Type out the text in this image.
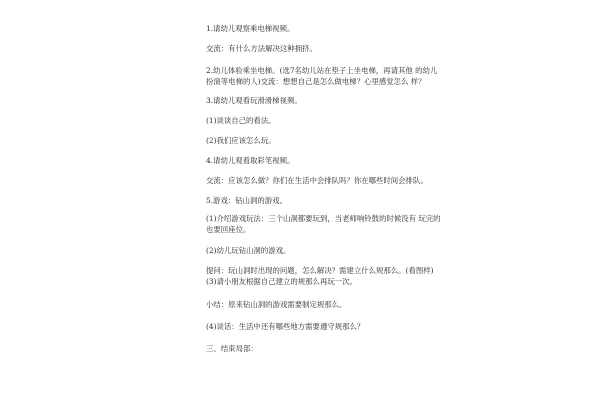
1.请幼儿观察乘电梯视频。
交流：有什么方法解决这种拥挤。
2.幼儿体验乘坐电梯。(选7名幼儿站在垫子上坐电梯，再请其他 的幼儿扮演等电梯的人)交流：想想自己是怎么做电梯？心里感觉怎么 样？
3.请幼儿观看玩滑滑梯视频。
(1)谈谈自己的看法。
(2)我们应该怎么玩。
4.请幼儿观看取彩笔视频。
交流：应该怎么做？你们在生活中会排队吗？你在哪些时间会排队。
5.游戏：钻山洞的游戏。
(1)介绍游戏玩法：三个山洞都要玩到，当老师响铃鼓的时候没有 玩完的也要回座位。
(2)幼儿玩钻山洞的游戏。
提问：玩山洞时出现的问题，怎么解决？需建立什么规那么。(看图样)(3)请小朋友根据自己建立的规那么再玩一次。
小结：原来钻山洞的游戏需要制定规那么。
(4)谈话：生活中还有哪些地方需要遵守规那么？
三、结束局部：
